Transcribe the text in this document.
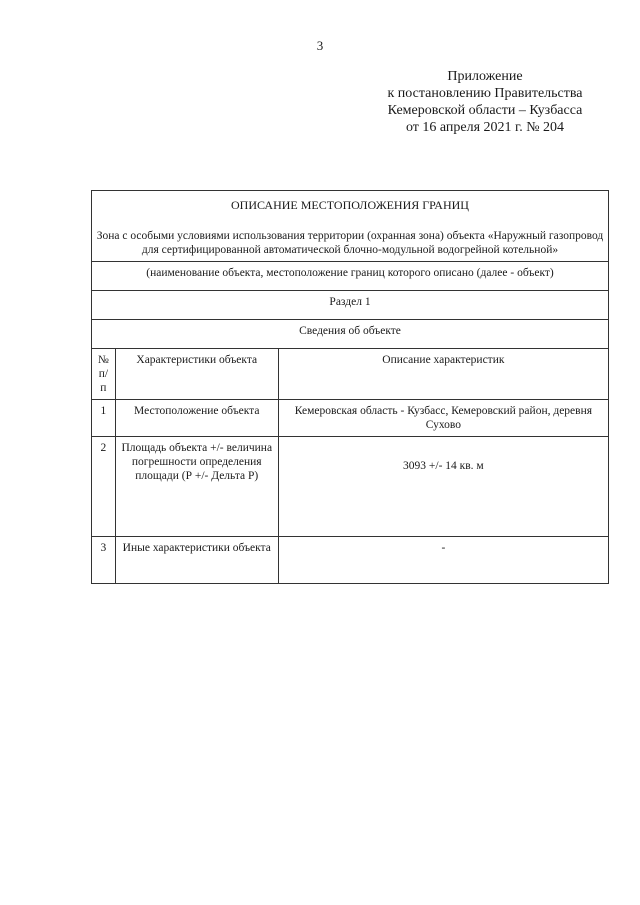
3
Приложение
к постановлению Правительства
Кемеровской области – Кузбасса
от 16 апреля 2021 г. № 204
ОПИСАНИЕ МЕСТОПОЛОЖЕНИЯ ГРАНИЦ
Зона с особыми условиями использования территории (охранная зона) объекта «Наружный газопровод для сертифицированной автоматической блочно-модульной водогрейной котельной»		

(наименование объекта, местоположение границ которого описано (далее - объект)		
Раздел 1		
Сведения об объекте		
№ п/п	Характеристики объекта	Описание характеристик
1	Местоположение объекта	Кемеровская область - Кузбасс, Кемеровский район, деревня Сухово
2	Площадь объекта +/- величина погрешности определения площади (Р +/- Дельта Р)	3093 +/- 14 кв. м
3	Иные характеристики объекта	-
